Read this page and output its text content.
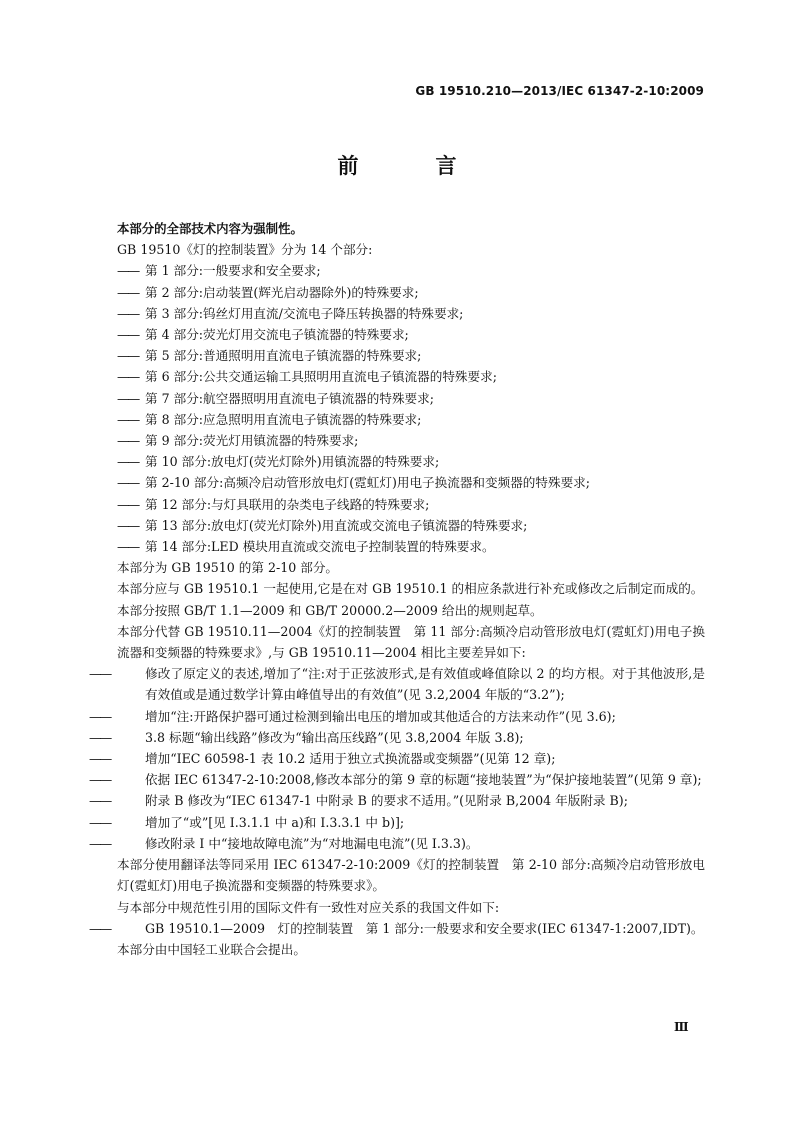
GB 19510.210—2013/IEC 61347-2-10:2009
前　言
本部分的全部技术内容为强制性。
GB 19510《灯的控制装置》分为 14 个部分:
—— 第 1 部分:一般要求和安全要求;
—— 第 2 部分:启动装置(辉光启动器除外)的特殊要求;
—— 第 3 部分:钨丝灯用直流/交流电子降压转换器的特殊要求;
—— 第 4 部分:荧光灯用交流电子镇流器的特殊要求;
—— 第 5 部分:普通照明用直流电子镇流器的特殊要求;
—— 第 6 部分:公共交通运输工具照明用直流电子镇流器的特殊要求;
—— 第 7 部分:航空器照明用直流电子镇流器的特殊要求;
—— 第 8 部分:应急照明用直流电子镇流器的特殊要求;
—— 第 9 部分:荧光灯用镇流器的特殊要求;
—— 第 10 部分:放电灯(荧光灯除外)用镇流器的特殊要求;
—— 第 2-10 部分:高频冷启动管形放电灯(霓虹灯)用电子换流器和变频器的特殊要求;
—— 第 12 部分:与灯具联用的杂类电子线路的特殊要求;
—— 第 13 部分:放电灯(荧光灯除外)用直流或交流电子镇流器的特殊要求;
—— 第 14 部分:LED 模块用直流或交流电子控制装置的特殊要求。
本部分为 GB 19510 的第 2-10 部分。
本部分应与 GB 19510.1 一起使用,它是在对 GB 19510.1 的相应条款进行补充或修改之后制定而成的。
本部分按照 GB/T 1.1—2009 和 GB/T 20000.2—2009 给出的规则起草。
本部分代替 GB 19510.11—2004《灯的控制装置　第 11 部分:高频冷启动管形放电灯(霓虹灯)用电子换流器和变频器的特殊要求》,与 GB 19510.11—2004 相比主要差异如下:
——	修改了原定义的表述,增加了“注:对于正弦波形式,是有效值或峰值除以 2 的均方根。对于其他波形,是有效值或是通过数学计算由峰值导出的有效值”(见 3.2,2004 年版的“3.2”);
——	增加“注:开路保护器可通过检测到输出电压的增加或其他适合的方法来动作”(见 3.6);
——	3.8 标题“输出线路”修改为“输出高压线路”(见 3.8,2004 年版 3.8);
——	增加“IEC 60598-1 表 10.2 适用于独立式换流器或变频器”(见第 12 章);
——	依据 IEC 61347-2-10:2008,修改本部分的第 9 章的标题“接地装置”为“保护接地装置”(见第 9 章);
——	附录 B 修改为“IEC 61347-1 中附录 B 的要求不适用。”(见附录 B,2004 年版附录 B);
——	增加了“或”[见 I.3.1.1 中 a)和 I.3.3.1 中 b)];
——	修改附录 I 中“接地故障电流”为“对地漏电电流”(见 I.3.3)。
本部分使用翻译法等同采用 IEC 61347-2-10:2009《灯的控制装置　第 2-10 部分:高频冷启动管形放电灯(霓虹灯)用电子换流器和变频器的特殊要求》。
与本部分中规范性引用的国际文件有一致性对应关系的我国文件如下:
——	GB 19510.1—2009　灯的控制装置　第 1 部分:一般要求和安全要求(IEC 61347-1:2007,IDT)。
本部分由中国轻工业联合会提出。
Ⅲ
